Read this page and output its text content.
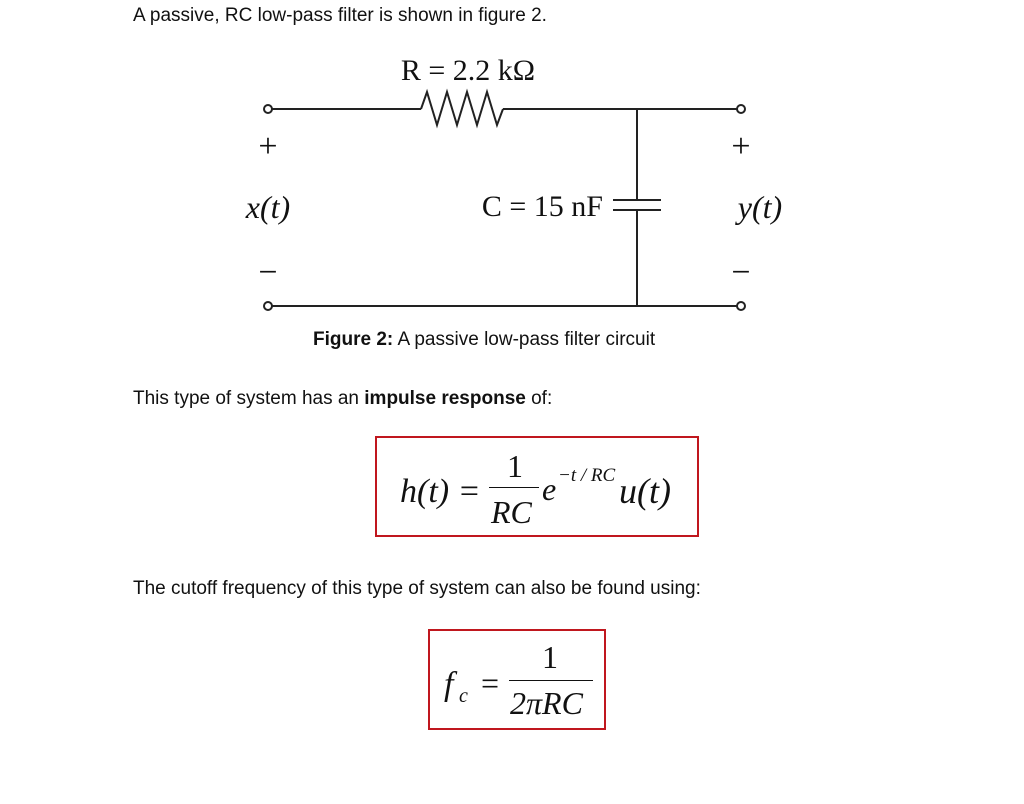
A passive, RC low-pass filter is shown in figure 2.
R = 2.2 kΩ
C = 15 nF
+
−
x(t)
+
−
y(t)
Figure 2: A passive low-pass filter circuit
This type of system has an impulse response of:
h(t) =
1
RC
e −t / RC u(t)
The cutoff frequency of this type of system can also be found using:
f c =
1
2πRC
